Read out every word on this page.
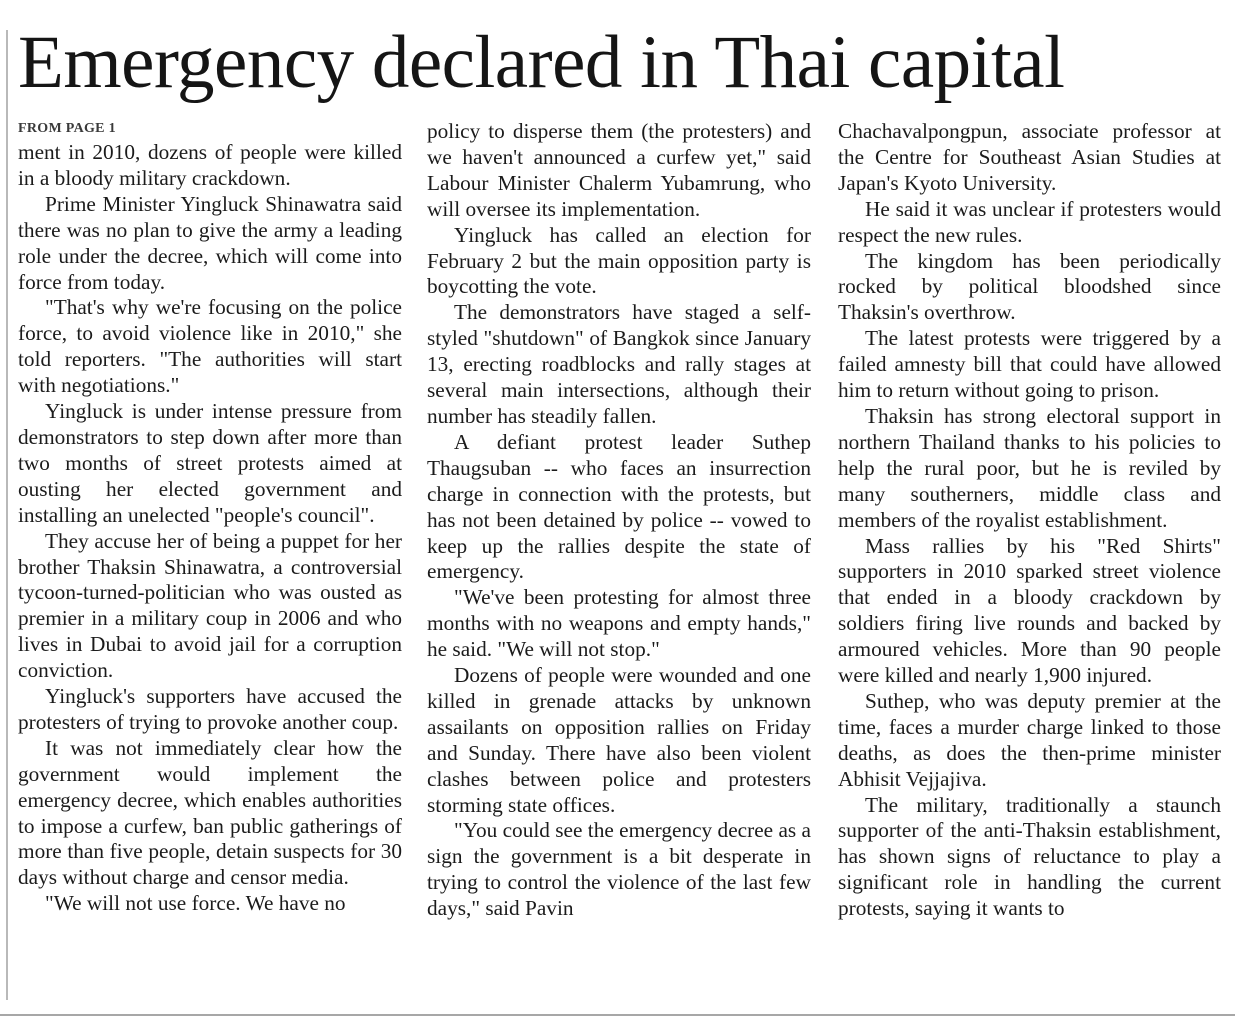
Emergency declared in Thai capital
FROM PAGE 1

ment in 2010, dozens of people were killed in a bloody military crackdown.

Prime Minister Yingluck Shinawatra said there was no plan to give the army a leading role under the decree, which will come into force from today.

"That's why we're focusing on the police force, to avoid violence like in 2010," she told reporters. "The authorities will start with negotiations."

Yingluck is under intense pressure from demonstrators to step down after more than two months of street protests aimed at ousting her elected government and installing an unelected "people's council".

They accuse her of being a puppet for her brother Thaksin Shinawatra, a controversial tycoon-turned-politician who was ousted as premier in a military coup in 2006 and who lives in Dubai to avoid jail for a corruption conviction.

Yingluck's supporters have accused the protesters of trying to provoke another coup.

It was not immediately clear how the government would implement the emergency decree, which enables authorities to impose a curfew, ban public gatherings of more than five people, detain suspects for 30 days without charge and censor media.

"We will not use force. We have no

policy to disperse them (the protesters) and we haven't announced a curfew yet," said Labour Minister Chalerm Yubamrung, who will oversee its implementation.

Yingluck has called an election for February 2 but the main opposition party is boycotting the vote.

The demonstrators have staged a self-styled "shutdown" of Bangkok since January 13, erecting roadblocks and rally stages at several main intersections, although their number has steadily fallen.

A defiant protest leader Suthep Thaugsuban -- who faces an insurrection charge in connection with the protests, but has not been detained by police -- vowed to keep up the rallies despite the state of emergency.

"We've been protesting for almost three months with no weapons and empty hands," he said. "We will not stop."

Dozens of people were wounded and one killed in grenade attacks by unknown assailants on opposition rallies on Friday and Sunday. There have also been violent clashes between police and protesters storming state offices.

"You could see the emergency decree as a sign the government is a bit desperate in trying to control the violence of the last few days," said Pavin

Chachavalpongpun, associate professor at the Centre for Southeast Asian Studies at Japan's Kyoto University.

He said it was unclear if protesters would respect the new rules.

The kingdom has been periodically rocked by political bloodshed since Thaksin's overthrow.

The latest protests were triggered by a failed amnesty bill that could have allowed him to return without going to prison.

Thaksin has strong electoral support in northern Thailand thanks to his policies to help the rural poor, but he is reviled by many southerners, middle class and members of the royalist establishment.

Mass rallies by his "Red Shirts" supporters in 2010 sparked street violence that ended in a bloody crackdown by soldiers firing live rounds and backed by armoured vehicles. More than 90 people were killed and nearly 1,900 injured.

Suthep, who was deputy premier at the time, faces a murder charge linked to those deaths, as does the then-prime minister Abhisit Vejjajiva.

The military, traditionally a staunch supporter of the anti-Thaksin establishment, has shown signs of reluctance to play a significant role in handling the current protests, saying it wants to
